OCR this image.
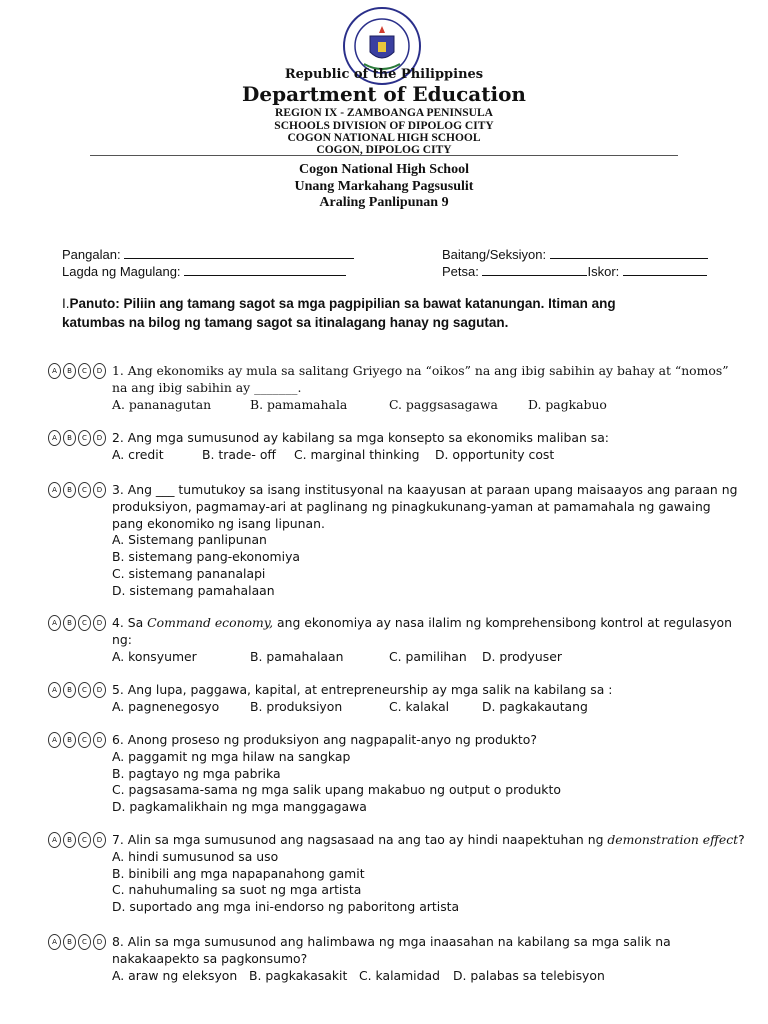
Republic of the Philippines
Department of Education
REGION IX - ZAMBOANGA PENINSULA
SCHOOLS DIVISION OF DIPOLOG CITY
COGON NATIONAL HIGH SCHOOL
COGON, DIPOLOG CITY
Cogon National High School
Unang Markahang Pagsusulit
Araling Panlipunan 9
Pangalan:	Baitang/Seksiyon:
Lagda ng Magulang:	Petsa:	Iskor:
I.Panuto: Piliin ang tamang sagot sa mga pagpipilian sa bawat katanungan. Itiman ang katumbas na bilog ng tamang sagot sa itinalagang hanay ng sagutan.
A	B	C	D 1. Ang ekonomiks ay mula sa salitang Griyego na “oikos” na ang ibig sabihin ay bahay at “nomos”
na ang ibig sabihin ay _______.
A. pananagutan	B. pamamahala	C. paggsasagawa D. pagkabuo
A	B	C	D 2. Ang mga sumusunod ay kabilang sa mga konsepto sa ekonomiks maliban sa:
A. credit	B. trade- off C. marginal thinking D. opportunity cost
A	B	C	D 3. Ang ___ tumutukoy sa isang institusyonal na kaayusan at paraan upang maisaayos ang paraan ng
produksiyon, pagmamay-ari at paglinang ng pinagkukunang-yaman at pamamahala ng gawaing
pang ekonomiko ng isang lipunan.
A. Sistemang panlipunan
B. sistemang pang-ekonomiya
C. sistemang pananalapi
D. sistemang pamahalaan
A	B	C	D 4. Sa Command economy, ang ekonomiya ay nasa ilalim ng komprehensibong kontrol at regulasyon
ng:
A. konsyumer	B. pamahalaan	C. pamilihan D. prodyuser
A	B	C	D 5. Ang lupa, paggawa, kapital, at entrepreneurship ay mga salik na kabilang sa :
A. pagnenegosyo B. produksiyon	C. kalakal	D. pagkakautang
A	B	C	D 6. Anong proseso ng produksiyon ang nagpapalit-anyo ng produkto?
A. paggamit ng mga hilaw na sangkap
B. pagtayo ng mga pabrika
C. pagsasama-sama ng mga salik upang makabuo ng output o produkto
D. pagkamalikhain ng mga manggagawa
A	B	C	D 7. Alin sa mga sumusunod ang nagsasaad na ang tao ay hindi naapektuhan ng demonstration effect?
A. hindi sumusunod sa uso
B. binibili ang mga napapanahong gamit
C. nahuhumaling sa suot ng mga artista
D. suportado ang mga ini-endorso ng paboritong artista
A	B	C	D 8. Alin sa mga sumusunod ang halimbawa ng mga inaasahan na kabilang sa mga salik na
nakakaapekto sa pagkonsumo?
A. araw ng eleksyon B. pagkakasakit C. kalamidad D. palabas sa telebisyon
